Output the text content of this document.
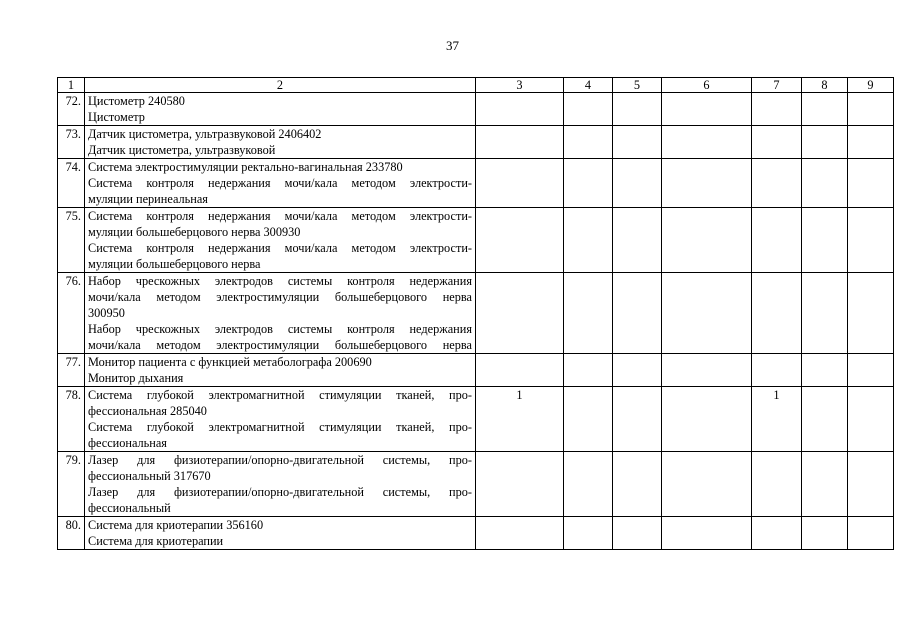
37
1	2	3	4	5	6	7	8	9
72.	Цистометр 240580
Цистометр							

73.	Датчик цистометра, ультразвуковой 2406402
Датчик цистометра, ультразвуковой							

74.	Система электростимуляции ректально-вагинальная 233780
Система контроля недержания мочи/кала методом электрости-
муляции перинеальная							

75.	Система контроля недержания мочи/кала методом электрости-
муляции большеберцового нерва 300930
Система контроля недержания мочи/кала методом электрости-
муляции большеберцового нерва							

76.	Набор чрескожных электродов системы контроля недержания
мочи/кала методом электростимуляции большеберцового нерва
300950
Набор чрескожных электродов системы контроля недержания
мочи/кала методом электростимуляции большеберцового нерва							

77.	Монитор пациента с функцией метаболографа 200690
Монитор дыхания							

78.	Система глубокой электромагнитной стимуляции тканей, про-
фессиональная 285040
Система глубокой электромагнитной стимуляции тканей, про-
фессиональная	1				1		
79.	Лазер для физиотерапии/опорно-двигательной системы, про-
фессиональный 317670
Лазер для физиотерапии/опорно-двигательной системы, про-
фессиональный							

80.	Система для криотерапии 356160
Система для криотерапии							
